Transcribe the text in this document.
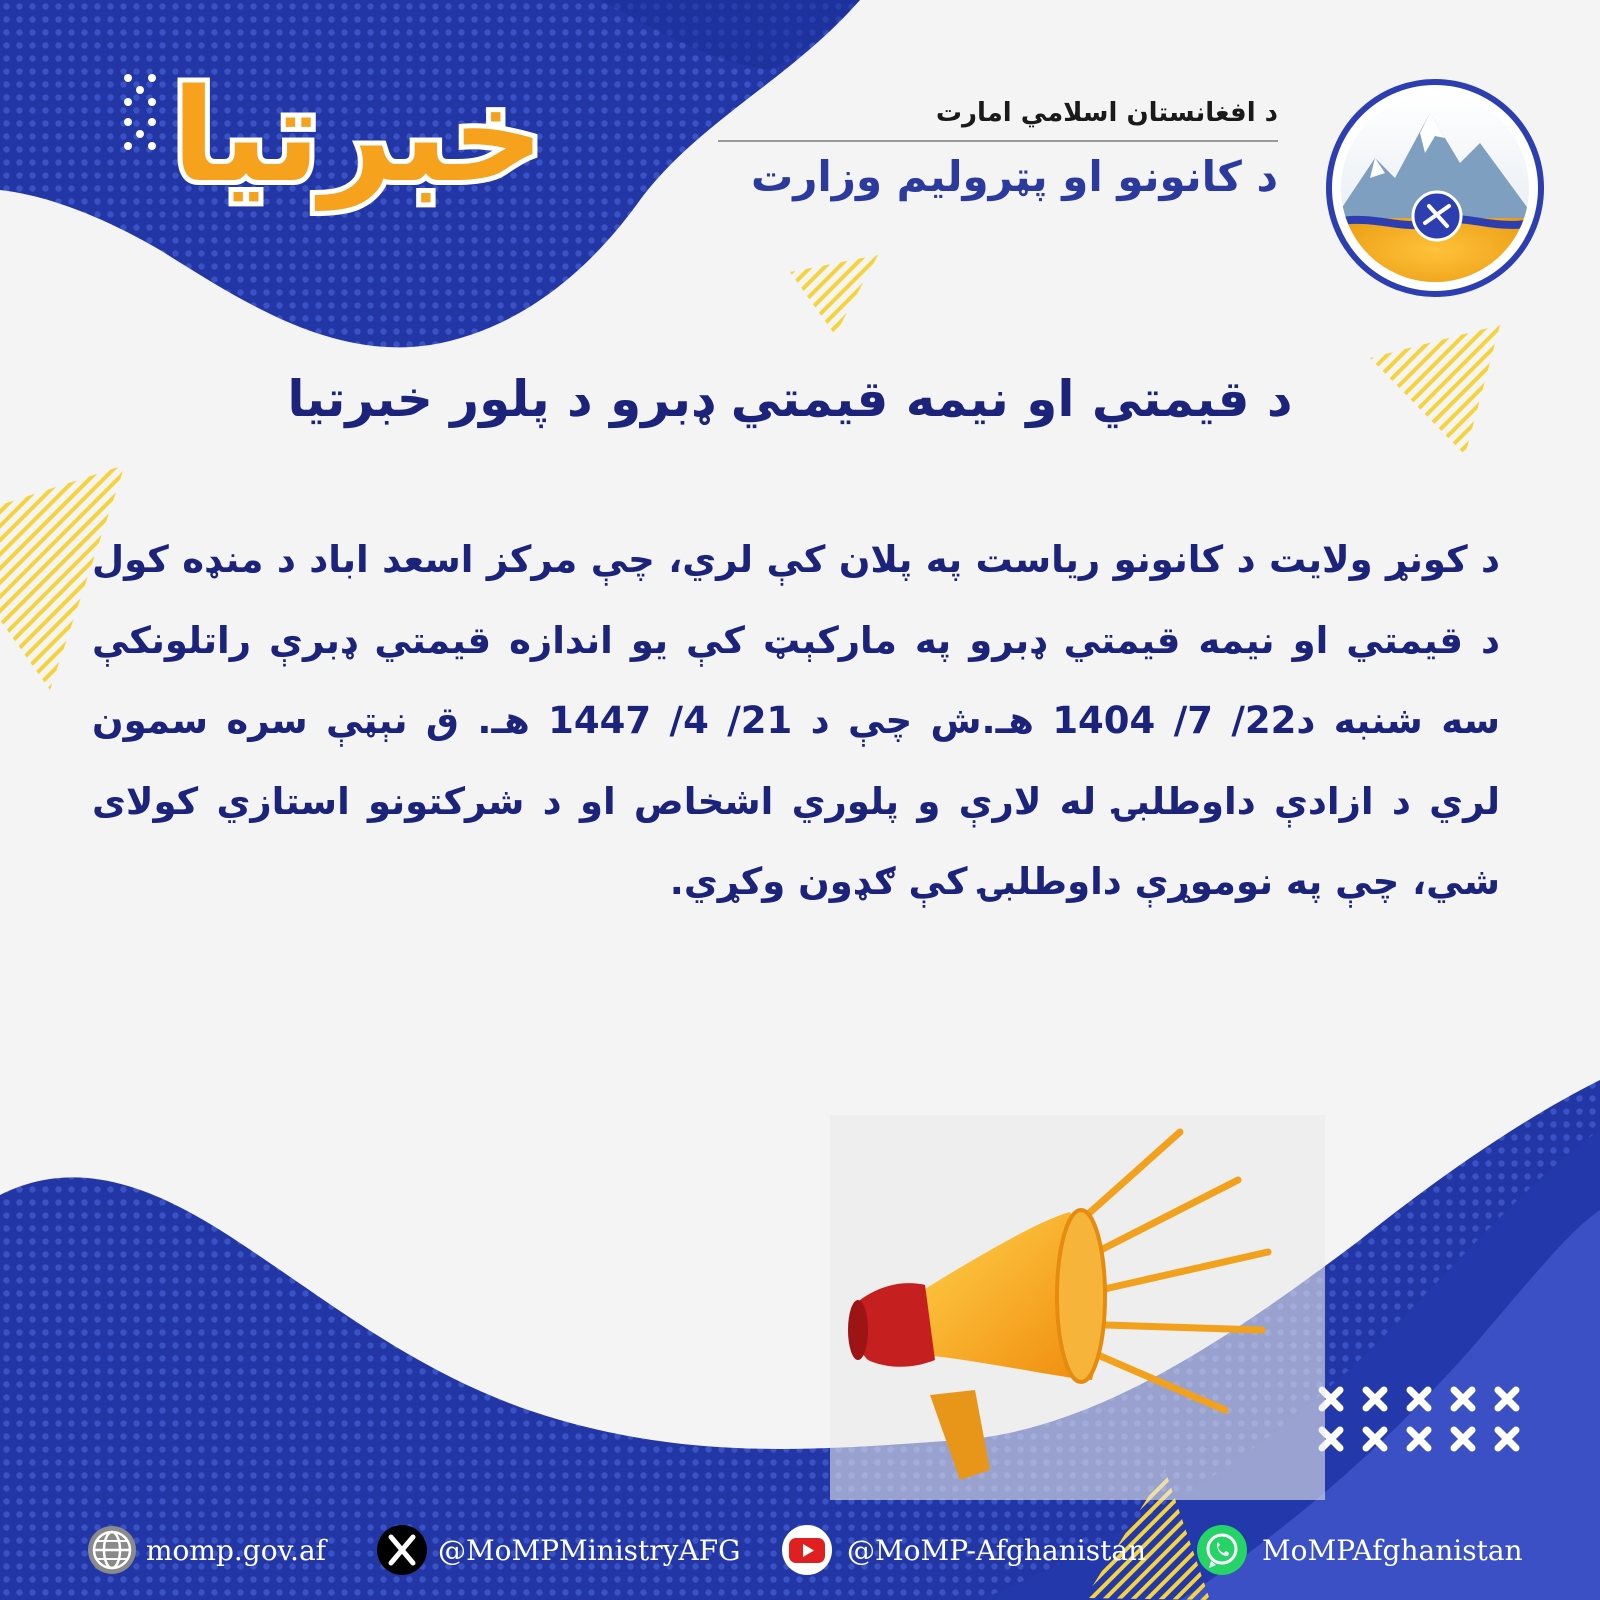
خبرتیا	د افغانستان اسلامي امارت
د کانونو او پټرولیم وزارت
د قیمتي او نیمه قیمتي ډبرو د پلور خبرتیا
د کونړ ولایت د کانونو ریاست په پلان کې لري، چې مرکز اسعد اباد د منډه کول د قیمتي او نیمه قیمتي ډبرو په مارکېټ کې یو اندازه قیمتي ډبرې راتلونکې سه شنبه د22/ 7/ 1404 هـ.ش چې د 21/ 4/ 1447 هـ. ق نېټې سره سمون لري د ازادې داوطلبۍ له لارې و پلوري اشخاص او د شرکتونو استازي کولای شي، چې په نوموړې داوطلبۍ کې ګډون وکړي.
momp.gov.af	@MoMPMinistryAFG	@MoMP-Afghanistan	MoMPAfghanistan
